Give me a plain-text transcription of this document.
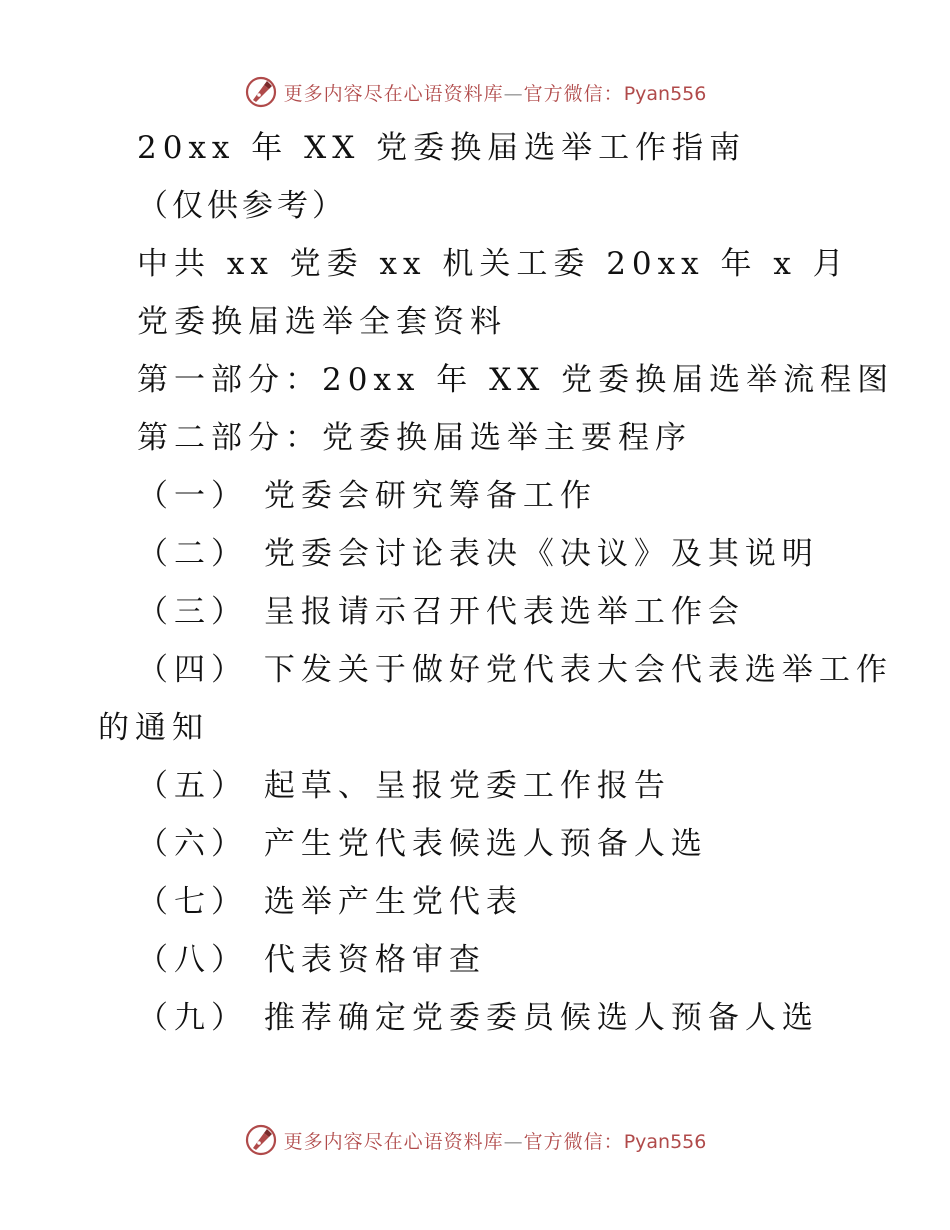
更多内容尽在心语资料库—官方微信：Pyan556
20xx 年 XX 党委换届选举工作指南
（仅供参考）
中共 xx 党委 xx 机关工委 20xx 年 x 月
党委换届选举全套资料
第一部分：20xx 年 XX 党委换届选举流程图
第二部分：党委换届选举主要程序
（一） 党委会研究筹备工作
（二） 党委会讨论表决《决议》及其说明
（三） 呈报请示召开代表选举工作会
（四） 下发关于做好党代表大会代表选举工作
的通知
（五） 起草、呈报党委工作报告
（六） 产生党代表候选人预备人选
（七） 选举产生党代表
（八） 代表资格审查
（九） 推荐确定党委委员候选人预备人选
更多内容尽在心语资料库—官方微信：Pyan556
